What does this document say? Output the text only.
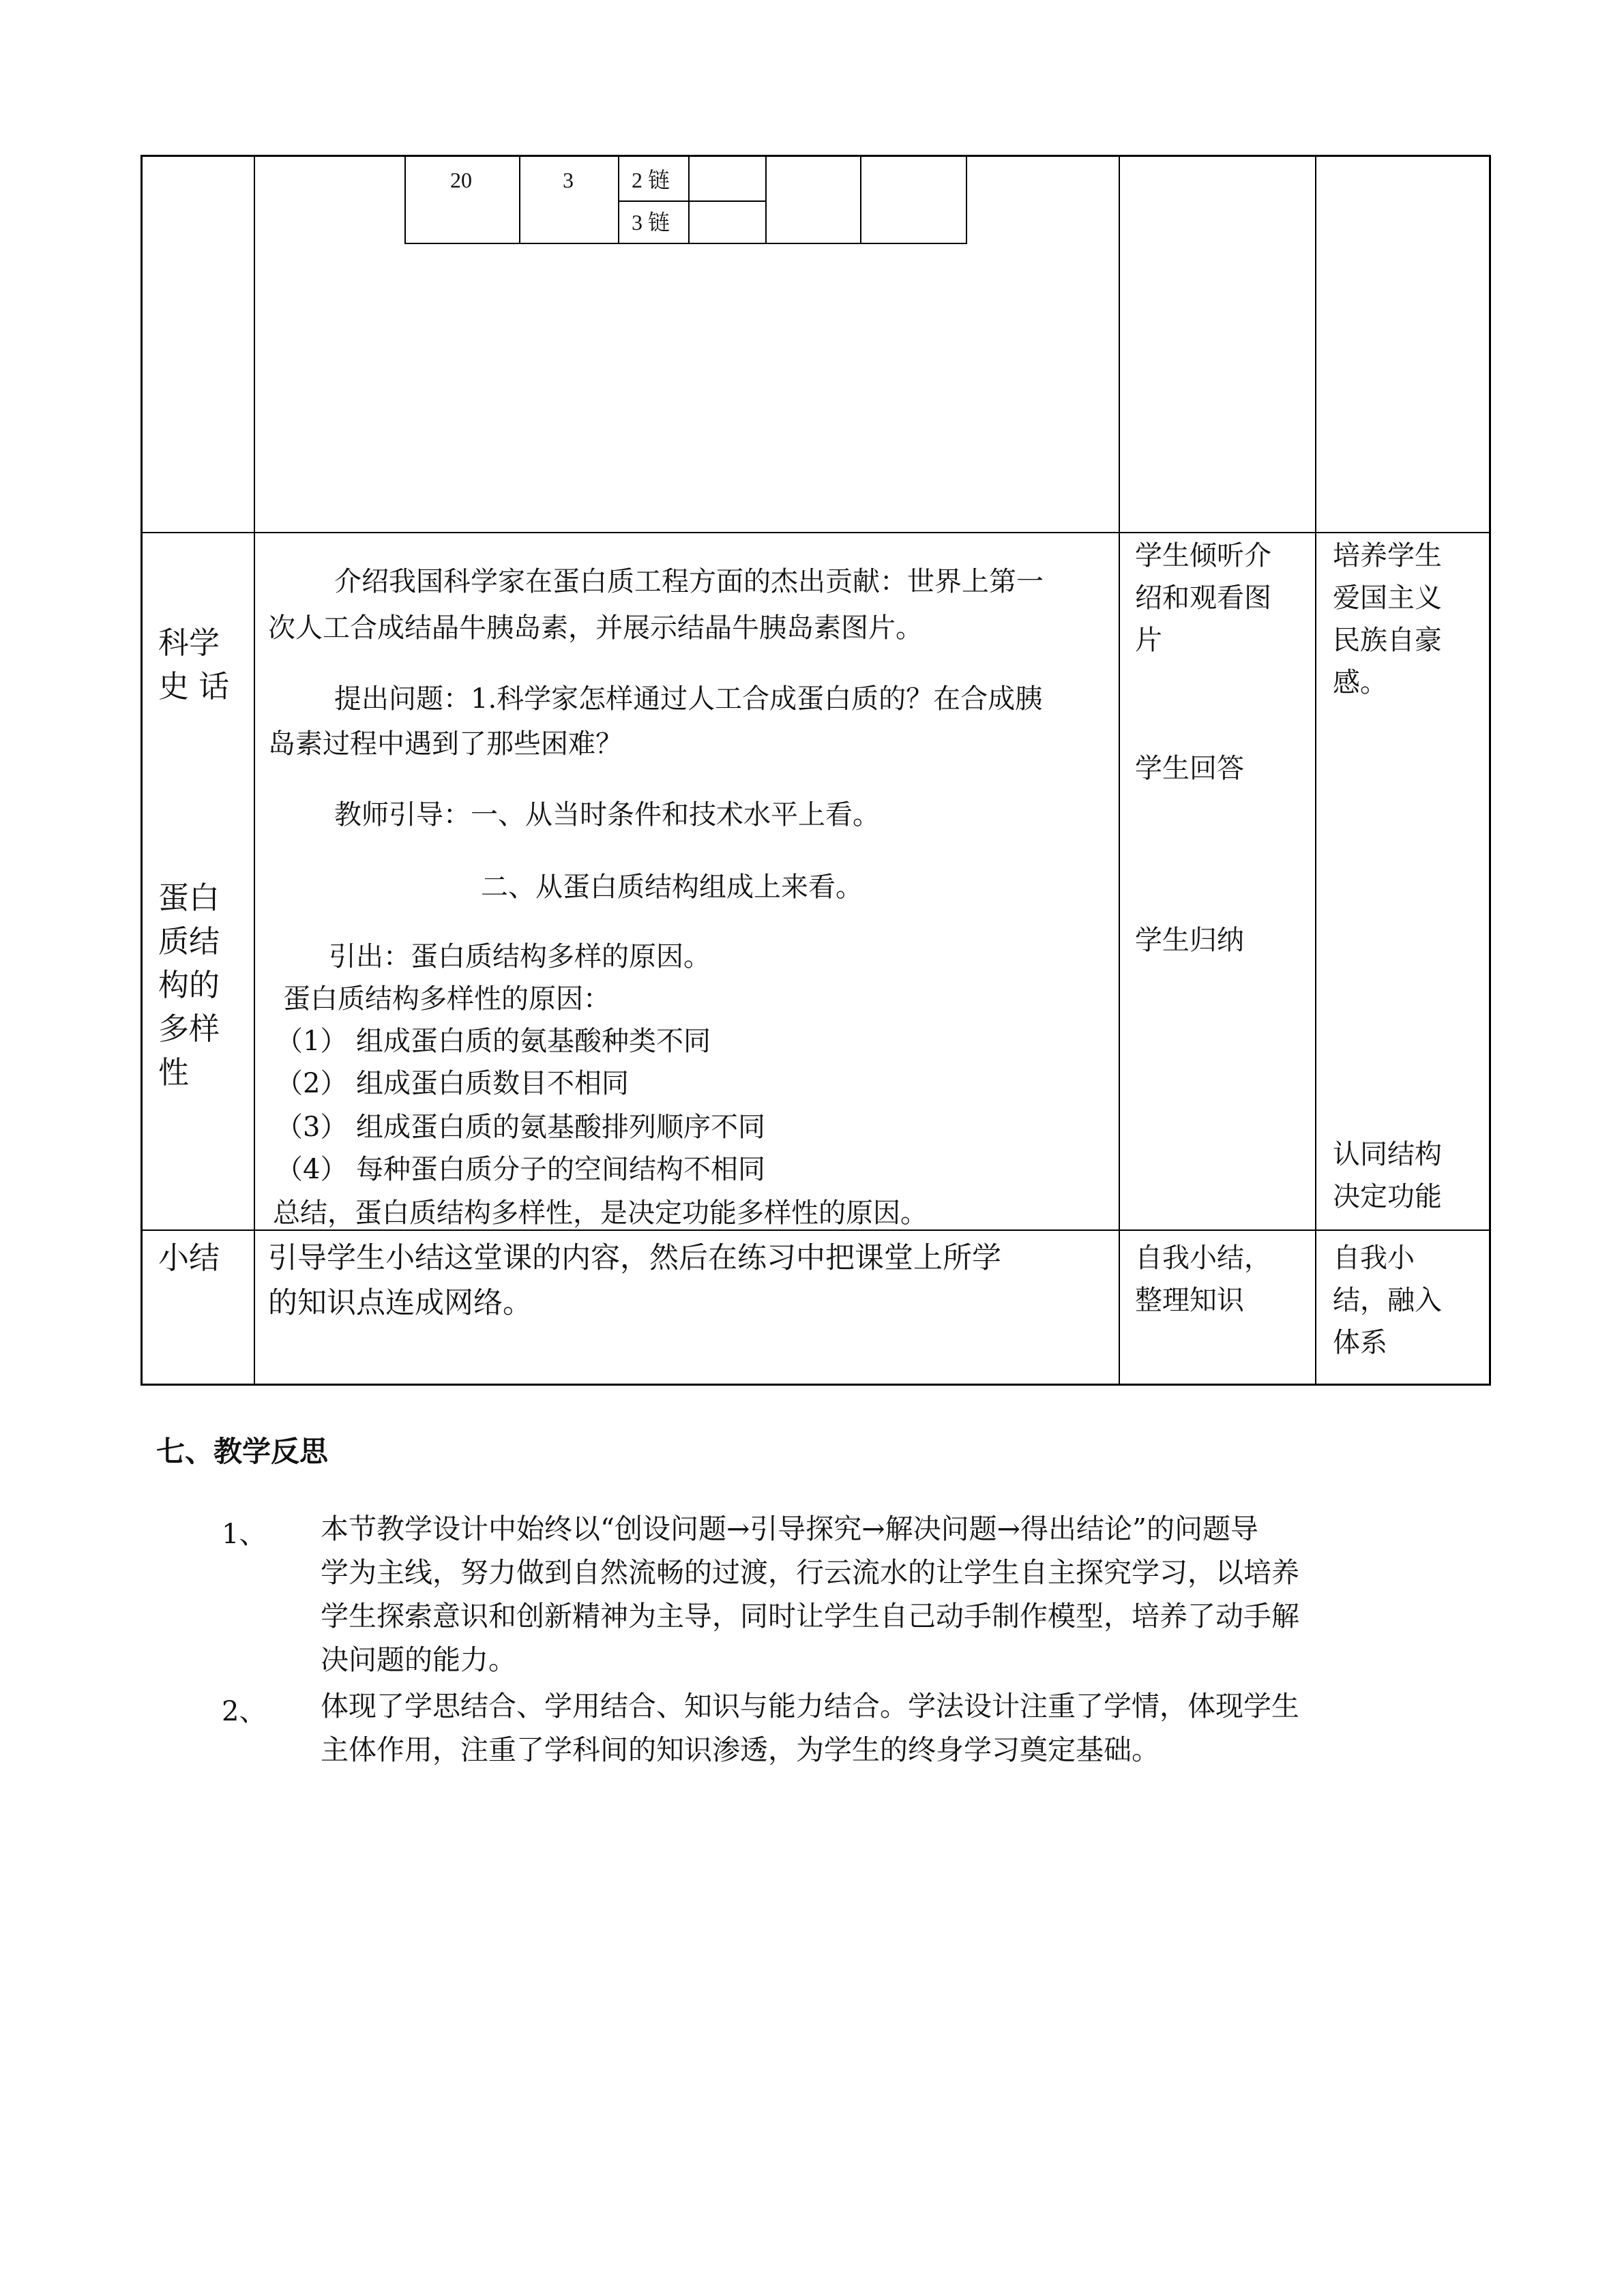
20	3	2 链
3 链
科学
史 话
蛋白
质结
构的
多样
性
介绍我国科学家在蛋白质工程方面的杰出贡献：世界上第一
次人工合成结晶牛胰岛素，并展示结晶牛胰岛素图片。
提出问题：1.科学家怎样通过人工合成蛋白质的？在合成胰
岛素过程中遇到了那些困难？
教师引导：一、从当时条件和技术水平上看。
二、从蛋白质结构组成上来看。
引出：蛋白质结构多样的原因。
蛋白质结构多样性的原因：
（1） 组成蛋白质的氨基酸种类不同
（2） 组成蛋白质数目不相同
（3） 组成蛋白质的氨基酸排列顺序不同
（4） 每种蛋白质分子的空间结构不相同
总结，蛋白质结构多样性，是决定功能多样性的原因。
学生倾听介
绍和观看图
片
学生回答
学生归纳
培养学生
爱国主义
民族自豪
感。
认同结构
决定功能
小结 引导学生小结这堂课的内容，然后在练习中把课堂上所学
的知识点连成网络。
自我小结，
整理知识
自我小
结，融入
体系
七、教学反思
1、 本节教学设计中始终以“创设问题→引导探究→解决问题→得出结论”的问题导
学为主线，努力做到自然流畅的过渡，行云流水的让学生自主探究学习，以培养
学生探索意识和创新精神为主导，同时让学生自己动手制作模型，培养了动手解
决问题的能力。
2、 体现了学思结合、学用结合、知识与能力结合。学法设计注重了学情，体现学生
主体作用，注重了学科间的知识渗透，为学生的终身学习奠定基础。
